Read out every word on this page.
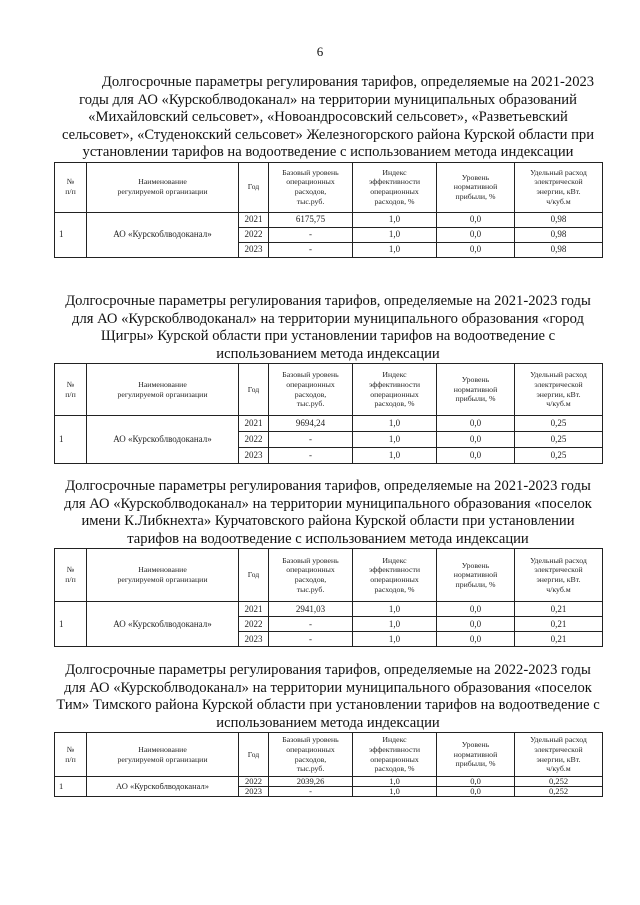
6

Долгосрочные параметры регулирования тарифов, определяемые на 2021-2023 годы для АО «Курскоблводоканал» на территории муниципальных образований «Михайловский сельсовет», «Новоандросовский сельсовет», «Разветьевский сельсовет», «Студенокский сельсовет» Железногорского района Курской области при установлении тарифов на водоотведение с использованием метода индексации

№
п/п	Наименование
регулируемой организации	Год	Базовый уровень
операционных
расходов,
тыс.руб.	Индекс
эффективности
операционных
расходов, %	Уровень
нормативной
прибыли, %	Удельный расход
электрической
энергии, кВт.
ч/куб.м
1	АО «Курскоблводоканал»	2021	6175,75	1,0	0,0	0,98
		2022	-	1,0	0,0	0,98
		2023	-	1,0	0,0	0,98

Долгосрочные параметры регулирования тарифов, определяемые на 2021-2023 годы для АО «Курскоблводоканал» на территории муниципального образования «город Щигры» Курской области при установлении тарифов на водоотведение с использованием метода индексации

№
п/п	Наименование
регулируемой организации	Год	Базовый уровень
операционных
расходов,
тыс.руб.	Индекс
эффективности
операционных
расходов, %	Уровень
нормативной
прибыли, %	Удельный расход
электрической
энергии, кВт.
ч/куб.м
1	АО «Курскоблводоканал»	2021	9694,24	1,0	0,0	0,25
		2022	-	1,0	0,0	0,25
		2023	-	1,0	0,0	0,25

Долгосрочные параметры регулирования тарифов, определяемые на 2021-2023 годы для АО «Курскоблводоканал» на территории муниципального образования «поселок имени К.Либкнехта» Курчатовского района Курской области при установлении тарифов на водоотведение с использованием метода индексации

№
п/п	Наименование
регулируемой организации	Год	Базовый уровень
операционных
расходов,
тыс.руб.	Индекс
эффективности
операционных
расходов, %	Уровень
нормативной
прибыли, %	Удельный расход
электрической
энергии, кВт.
ч/куб.м
1	АО «Курскоблводоканал»	2021	2941,03	1,0	0,0	0,21
		2022	-	1,0	0,0	0,21
		2023	-	1,0	0,0	0,21

Долгосрочные параметры регулирования тарифов, определяемые на 2022-2023 годы для АО «Курскоблводоканал» на территории муниципального образования «поселок Тим» Тимского района Курской области при установлении тарифов на водоотведение с использованием метода индексации

№
п/п	Наименование
регулируемой организации	Год	Базовый уровень
операционных
расходов,
тыс.руб.	Индекс
эффективности
операционных
расходов, %	Уровень
нормативной
прибыли, %	Удельный расход
электрической
энергии, кВт.
ч/куб.м
1	АО «Курскоблводоканал»	2022	2039,26	1,0	0,0	0,252
		2023	-	1,0	0,0	0,252
